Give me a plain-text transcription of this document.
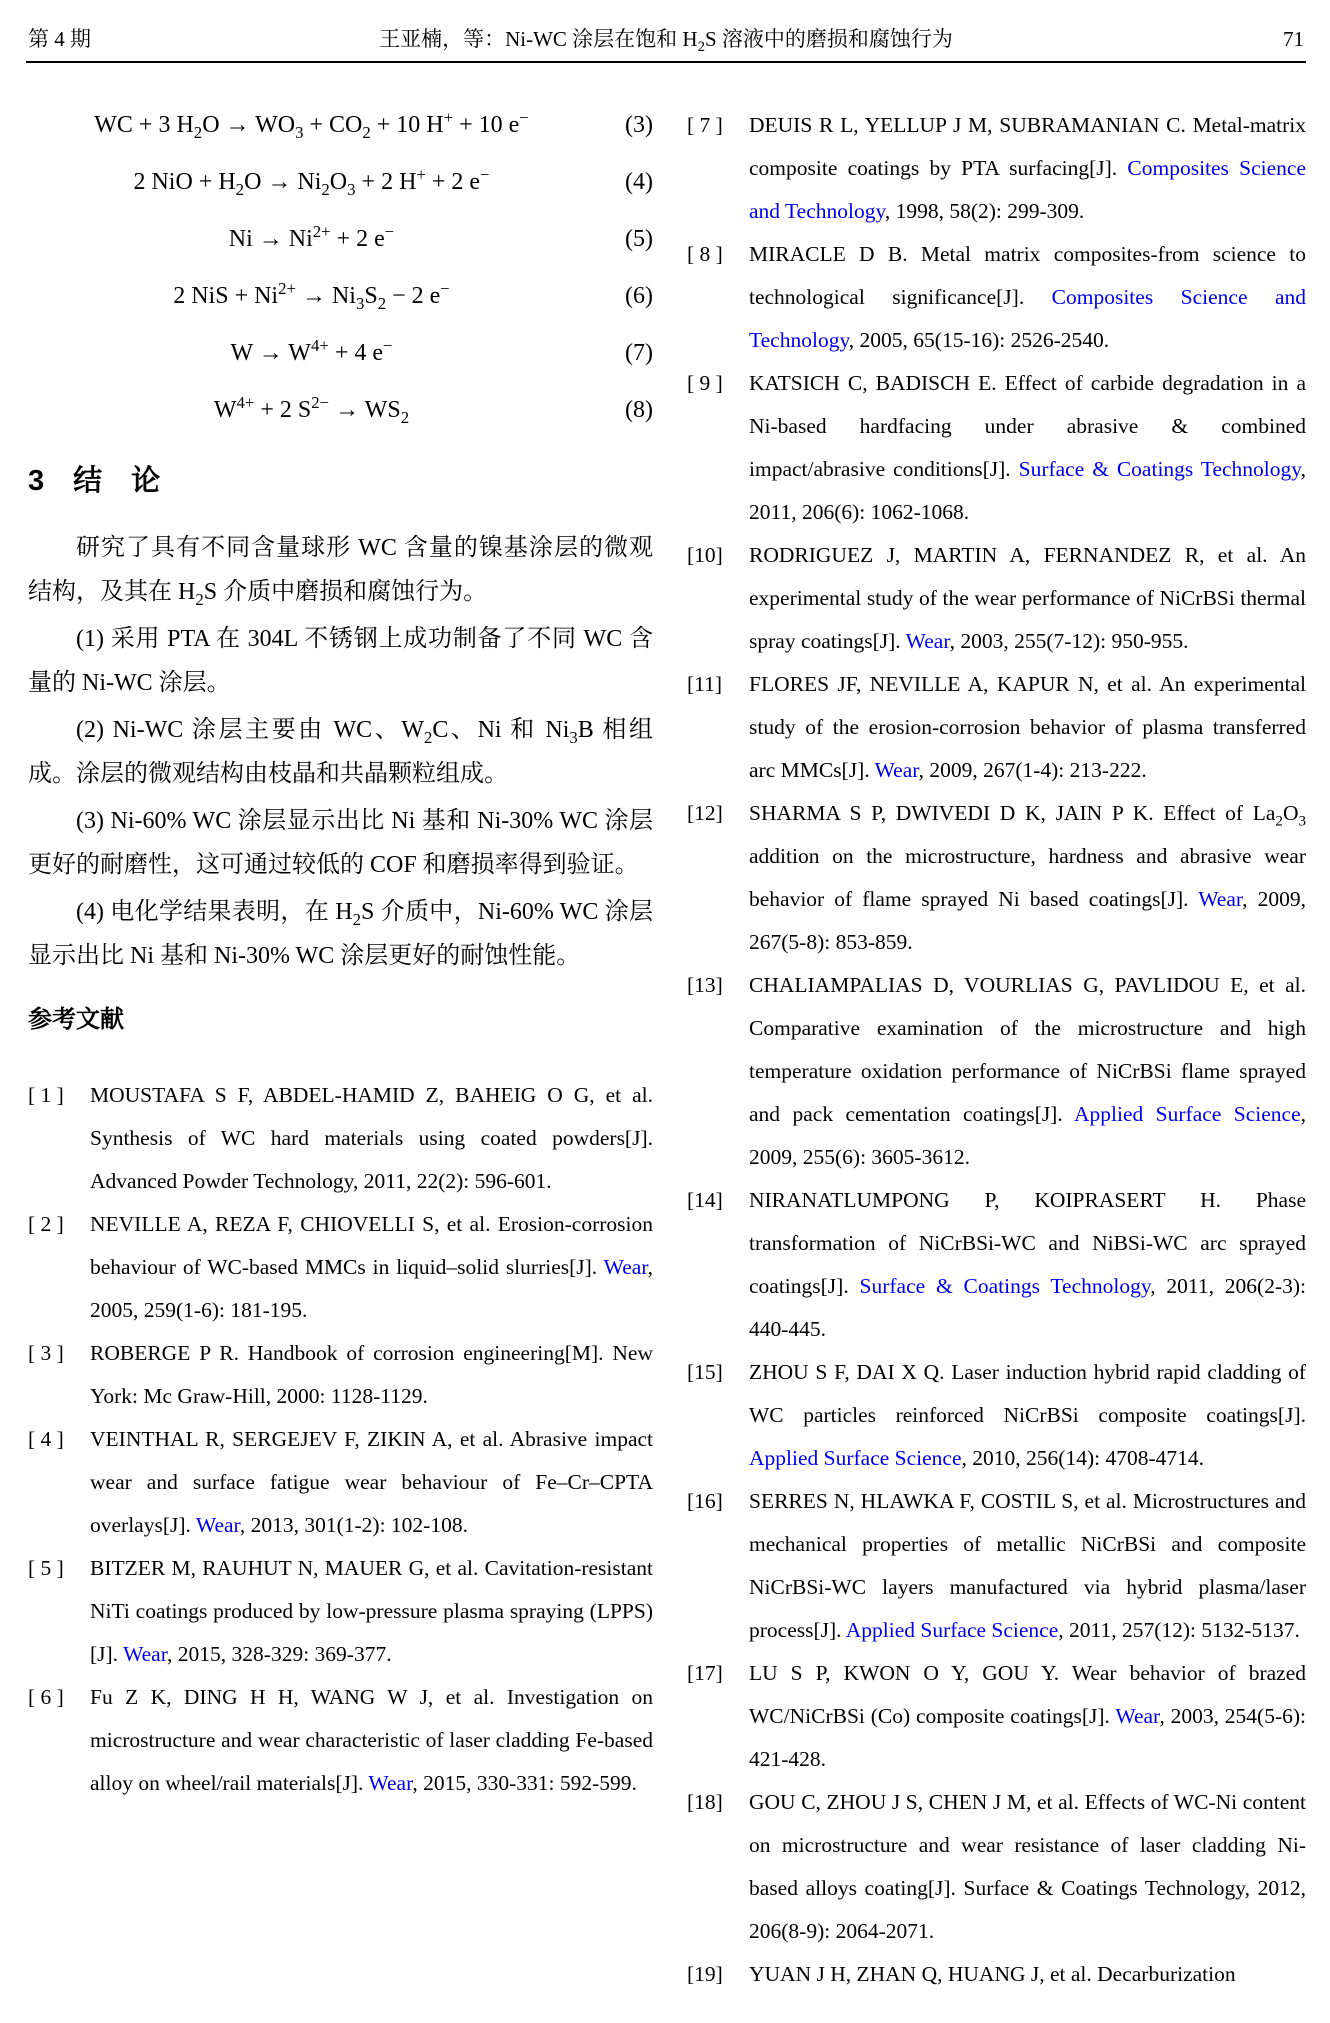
第 4 期	王亚楠，等：Ni-WC 涂层在饱和 $H_2S$ 溶液中的磨损和腐蚀行为	71
WC + 3 $H_2O \to WO_3 + CO_2 + 10$ H+ + 10 e−	(3)
2 NiO + $H_2O \to Ni_2O_3 + 2$ H+ + 2 e−	(4)
$Ni \to Ni^{2+} + 2$ e−	(5)
2 NiS + $Ni^{2+} \to Ni_3S_2 - 2$ e−	(6)
$W \to W^{4+} + 4$ e−	(7)
$W^{4+} + 2$ $S^{2-} \to WS_2$	(8)
3　结　论

研究了具有不同含量球形 WC 含量的镍基涂层的微观结构，及其在 $H_2S$ 介质中磨损和腐蚀行为。

(1) 采用 PTA 在 304L 不锈钢上成功制备了不同 WC 含量的 Ni-WC 涂层。

(2) Ni-WC 涂层主要由 WC、$W_2C$、Ni 和 $Ni_3B$ 相组成。涂层的微观结构由枝晶和共晶颗粒组成。

(3) Ni-60% WC 涂层显示出比 Ni 基和 Ni-30% WC 涂层更好的耐磨性，这可通过较低的 COF 和磨损率得到验证。

(4) 电化学结果表明，在 $H_2S$ 介质中，Ni-60% WC 涂层显示出比 Ni 基和 Ni-30% WC 涂层更好的耐蚀性能。

参考文献
[ 1 ] MOUSTAFA S F, ABDEL-HAMID Z, BAHEIG O G, et al. Synthesis of WC hard materials using coated powders[J]. Advanced Powder Technology, 2011, 22(2): 596-601.
[ 2 ] NEVILLE A, REZA F, CHIOVELLI S, et al. Erosion-corrosion behaviour of WC-based MMCs in liquid–solid slurries[J]. Wear, 2005, 259(1-6): 181-195.
[ 3 ] ROBERGE P R. Handbook of corrosion engineering[M]. New York: Mc Graw-Hill, 2000: 1128-1129.
[ 4 ] VEINTHAL R, SERGEJEV F, ZIKIN A, et al. Abrasive impact wear and surface fatigue wear behaviour of Fe–Cr–CPTA overlays[J]. Wear, 2013, 301(1-2): 102-108.
[ 5 ] BITZER M, RAUHUT N, MAUER G, et al. Cavitation-resistant NiTi coatings produced by low-pressure plasma spraying (LPPS)[J]. Wear, 2015, 328-329: 369-377.
[ 6 ] Fu Z K, DING H H, WANG W J, et al. Investigation on microstructure and wear characteristic of laser cladding Fe-based alloy on wheel/rail materials[J]. Wear, 2015, 330-331: 592-599.
[ 7 ] DEUIS R L, YELLUP J M, SUBRAMANIAN C. Metal-matrix composite coatings by PTA surfacing[J]. Composites Science and Technology, 1998, 58(2): 299-309.
[ 8 ] MIRACLE D B. Metal matrix composites-from science to technological significance[J]. Composites Science and Technology, 2005, 65(15-16): 2526-2540.
[ 9 ] KATSICH C, BADISCH E. Effect of carbide degradation in a Ni-based hardfacing under abrasive & combined impact/abrasive conditions[J]. Surface & Coatings Technology, 2011, 206(6): 1062-1068.
[10] RODRIGUEZ J, MARTIN A, FERNANDEZ R, et al. An experimental study of the wear performance of NiCrBSi thermal spray coatings[J]. Wear, 2003, 255(7-12): 950-955.
[11] FLORES JF, NEVILLE A, KAPUR N, et al. An experimental study of the erosion-corrosion behavior of plasma transferred arc MMCs[J]. Wear, 2009, 267(1-4): 213-222.
[12] SHARMA S P, DWIVEDI D K, JAIN P K. Effect of $La_2O_3$ addition on the microstructure, hardness and abrasive wear behavior of flame sprayed Ni based coatings[J]. Wear, 2009, 267(5-8): 853-859.
[13] CHALIAMPALIAS D, VOURLIAS G, PAVLIDOU E, et al. Comparative examination of the microstructure and high temperature oxidation performance of NiCrBSi flame sprayed and pack cementation coatings[J]. Applied Surface Science, 2009, 255(6): 3605-3612.
[14] NIRANATLUMPONG P, KOIPRASERT H. Phase transformation of NiCrBSi-WC and NiBSi-WC arc sprayed coatings[J]. Surface & Coatings Technology, 2011, 206(2-3): 440-445.
[15] ZHOU S F, DAI X Q. Laser induction hybrid rapid cladding of WC particles reinforced NiCrBSi composite coatings[J]. Applied Surface Science, 2010, 256(14): 4708-4714.
[16] SERRES N, HLAWKA F, COSTIL S, et al. Microstructures and mechanical properties of metallic NiCrBSi and composite NiCrBSi-WC layers manufactured via hybrid plasma/laser process[J]. Applied Surface Science, 2011, 257(12): 5132-5137.
[17] LU S P, KWON O Y, GOU Y. Wear behavior of brazed WC/NiCrBSi (Co) composite coatings[J]. Wear, 2003, 254(5-6): 421-428.
[18] GOU C, ZHOU J S, CHEN J M, et al. Effects of WC-Ni content on microstructure and wear resistance of laser cladding Ni-based alloys coating[J]. Surface & Coatings Technology, 2012, 206(8-9): 2064-2071.
[19] YUAN J H, ZHAN Q, HUANG J, et al. Decarburization
